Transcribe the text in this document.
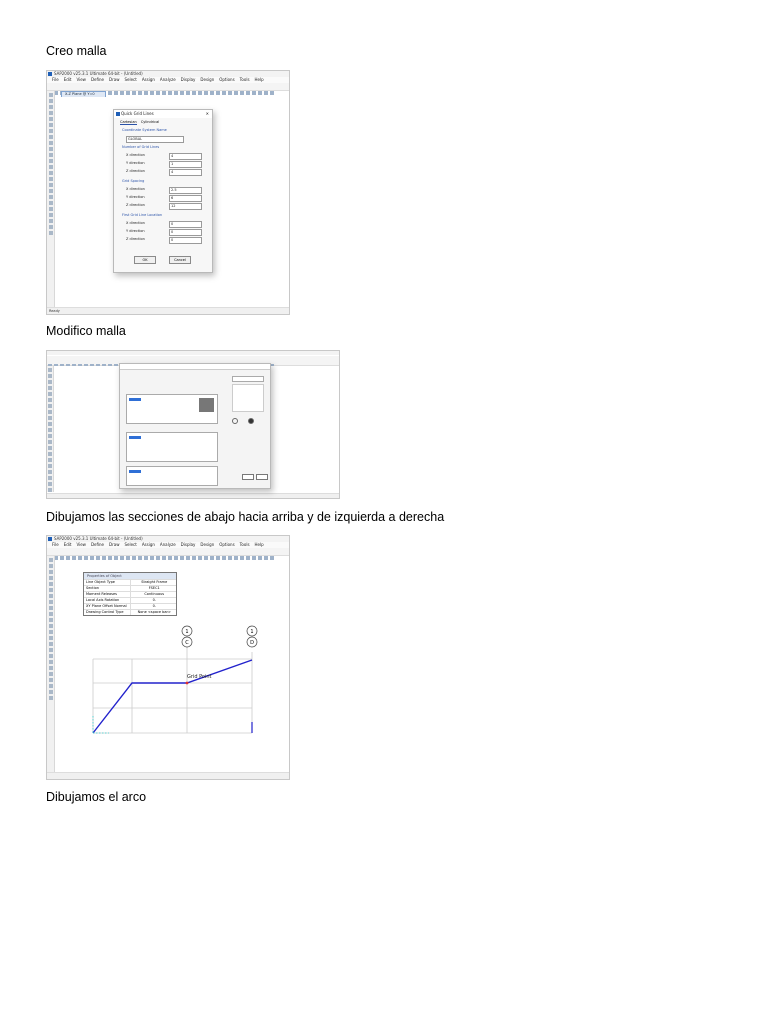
Creo malla
SAP2000 v25.3.1 Ultimate 64-bit - (Untitled)
File Edit View Define Draw Select Assign Analyze Display Design Options Tools Help
X-Z Plane @ Y=0
Ready
Quick Grid Lines	✕
Cartesian Cylindrical
Coordinate System Name
GLOBAL
Number of Grid Lines
X direction	4
Y direction	1
Z direction	4
Grid Spacing
X direction	2.5
Y direction	6
Z direction	12
First Grid Line Location
X direction	0
Y direction	0
Z direction	0
OK	Cancel
Modifico malla
Dibujamos las secciones de abajo hacia arriba y de izquierda a derecha
SAP2000 v25.3.1 Ultimate 64-bit - (Untitled)
File Edit View Define Draw Select Assign Analyze Display Design Options Tools Help
1
C
1
D
Grid Point
Properties of Object
Line Object Type	Straight Frame
Section	FSEC1
Moment Releases	Continuous
Local Axis Rotation	0.
XY Plane Offset Normal	0.
Drawing Control Type	None <space bar>
Dibujamos el arco
